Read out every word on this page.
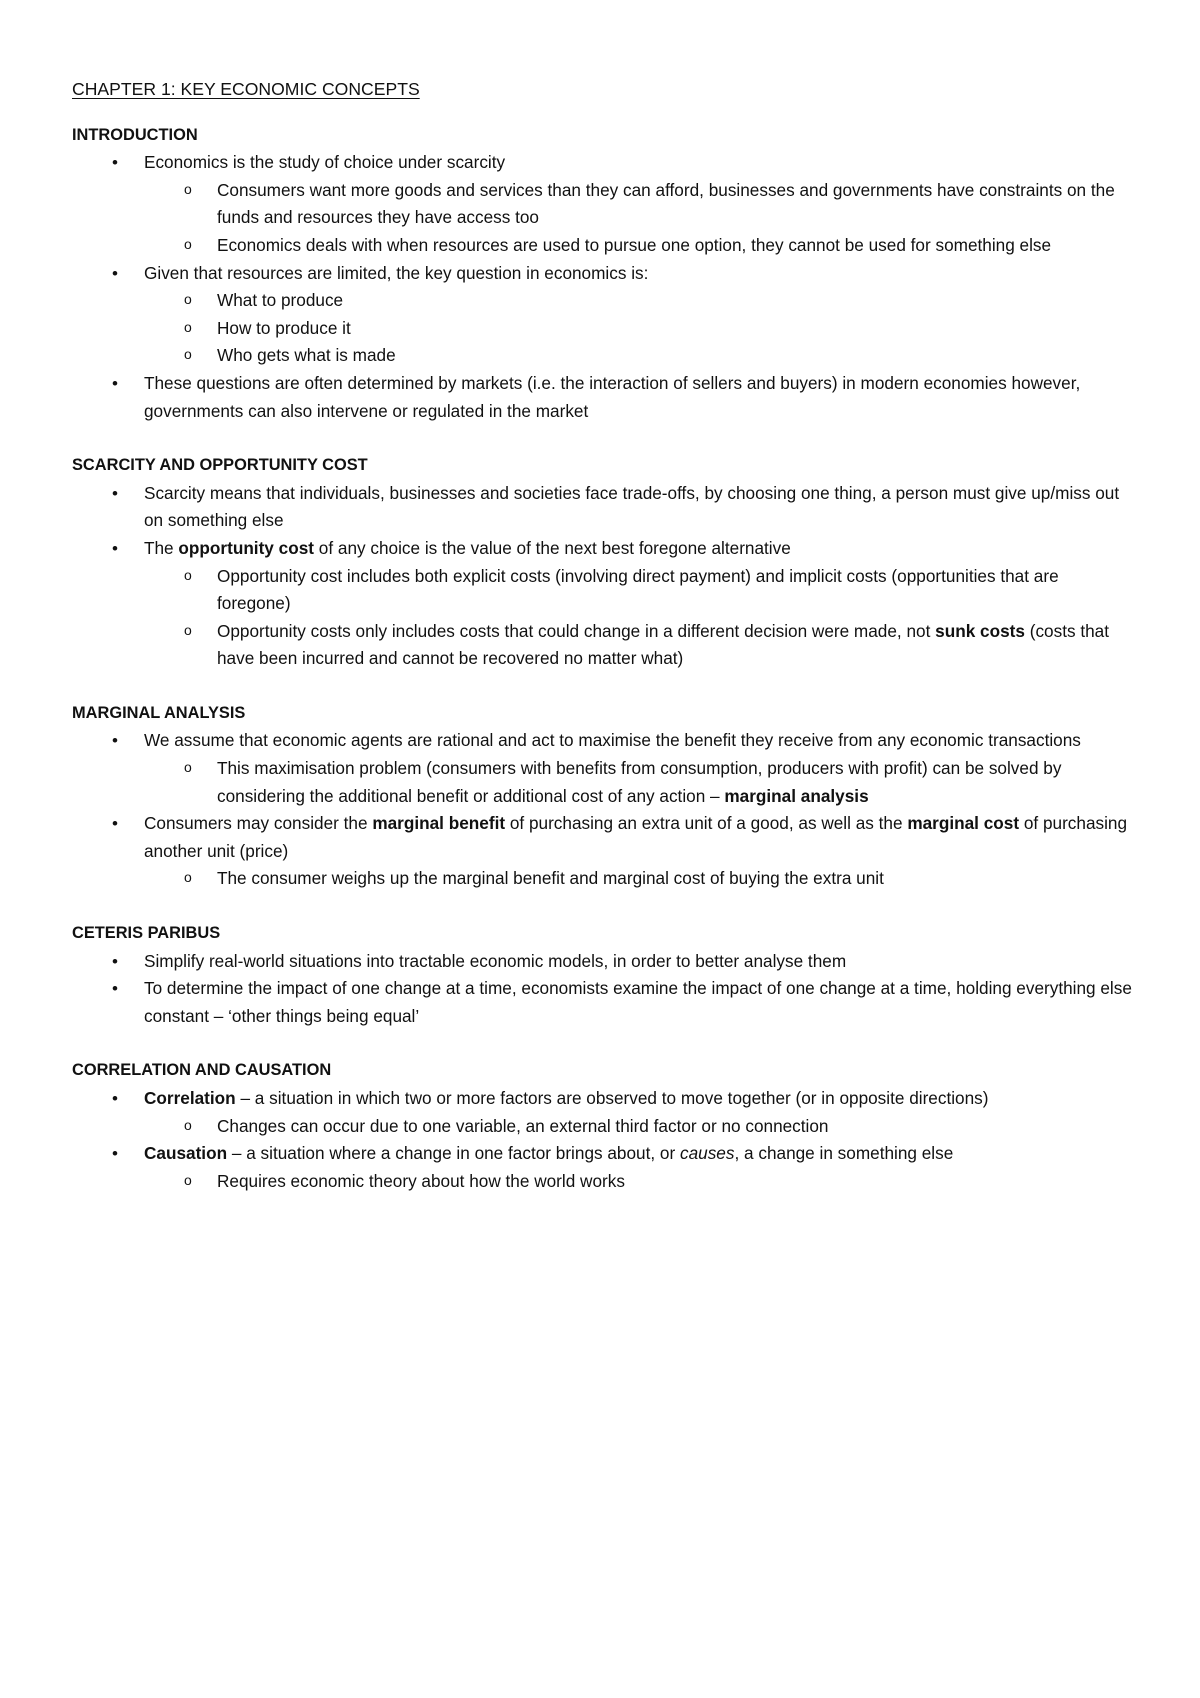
CHAPTER 1: KEY ECONOMIC CONCEPTS
INTRODUCTION
• Economics is the study of choice under scarcity
o Consumers want more goods and services than they can afford, businesses and governments have constraints on the funds and resources they have access too
o Economics deals with when resources are used to pursue one option, they cannot be used for something else
• Given that resources are limited, the key question in economics is:
o What to produce
o How to produce it
o Who gets what is made
• These questions are often determined by markets (i.e. the interaction of sellers and buyers) in modern economies however, governments can also intervene or regulated in the market
SCARCITY AND OPPORTUNITY COST
• Scarcity means that individuals, businesses and societies face trade-offs, by choosing one thing, a person must give up/miss out on something else
• The opportunity cost of any choice is the value of the next best foregone alternative
o Opportunity cost includes both explicit costs (involving direct payment) and implicit costs (opportunities that are foregone)
o Opportunity costs only includes costs that could change in a different decision were made, not sunk costs (costs that have been incurred and cannot be recovered no matter what)
MARGINAL ANALYSIS
• We assume that economic agents are rational and act to maximise the benefit they receive from any economic transactions
o This maximisation problem (consumers with benefits from consumption, producers with profit) can be solved by considering the additional benefit or additional cost of any action – marginal analysis
• Consumers may consider the marginal benefit of purchasing an extra unit of a good, as well as the marginal cost of purchasing another unit (price)
o The consumer weighs up the marginal benefit and marginal cost of buying the extra unit
CETERIS PARIBUS
• Simplify real-world situations into tractable economic models, in order to better analyse them
• To determine the impact of one change at a time, economists examine the impact of one change at a time, holding everything else constant – ‘other things being equal’
CORRELATION AND CAUSATION
• Correlation – a situation in which two or more factors are observed to move together (or in opposite directions)
o Changes can occur due to one variable, an external third factor or no connection
• Causation – a situation where a change in one factor brings about, or causes, a change in something else
o Requires economic theory about how the world works
